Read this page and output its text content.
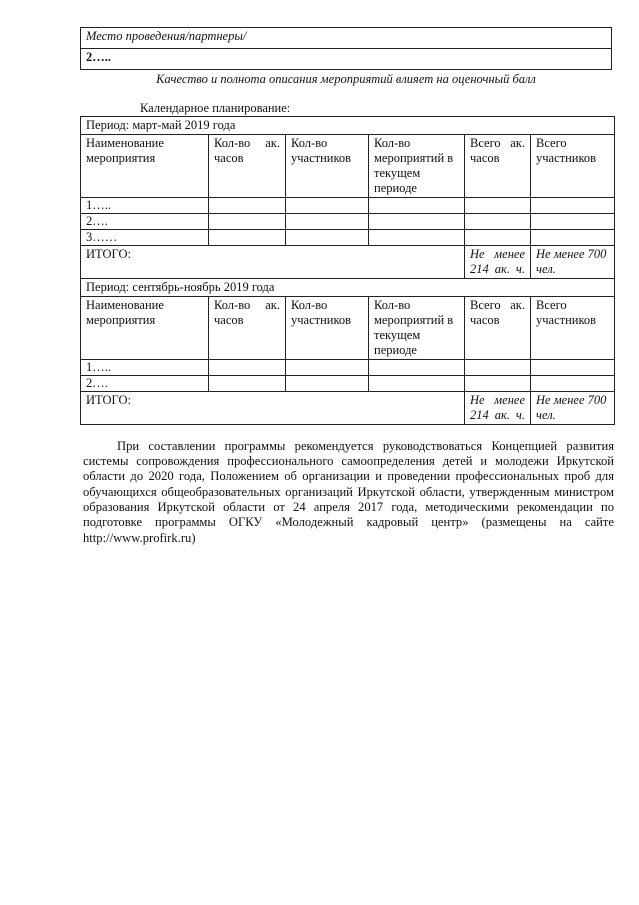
Место проведения/партнеры/
2…..
Качество и полнота описания мероприятий влияет на оценочный балл
Календарное планирование:
Период: март-май 2019 года					
Наименование мероприятия	Кол-во ак. часов	Кол-во участников	Кол-во мероприятий в текущем периоде	Всего ак. часов	Всего участников
1…..					
2….					
3……					
ИТОГО:				Не менее 214 ак. ч.	Не менее 700 чел.
Период: сентябрь-ноябрь 2019 года					
Наименование мероприятия	Кол-во ак. часов	Кол-во участников	Кол-во мероприятий в текущем периоде	Всего ак. часов	Всего участников
1…..					
2….					
ИТОГО:				Не менее 214 ак. ч.	Не менее 700 чел.

При составлении программы рекомендуется руководствоваться Концепцией развития системы сопровождения профессионального самоопределения детей и молодежи Иркутской области до 2020 года, Положением об организации и проведении профессиональных проб для обучающихся общеобразовательных организаций Иркутской области, утвержденным министром образования Иркутской области от 24 апреля 2017 года, методическими рекомендации по подготовке программы ОГКУ «Молодежный кадровый центр» (размещены на сайте http://www.profirk.ru)
